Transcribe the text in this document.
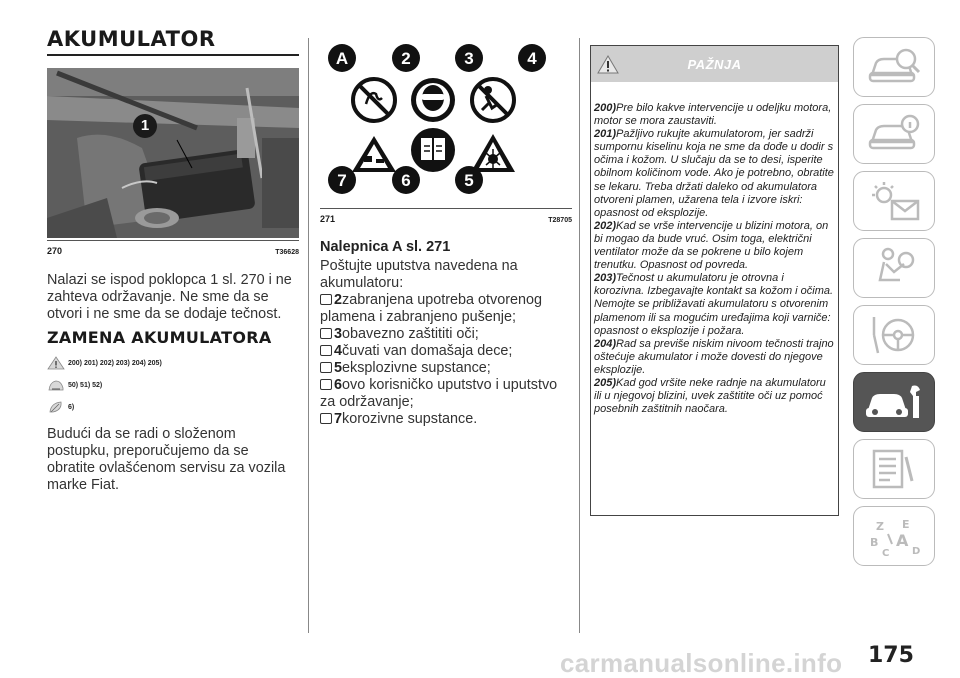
AKUMULATOR
1
270	T36628
Nalazi se ispod poklopca 1 sl. 270 i ne zahteva održavanje. Ne sme da se otvori i ne sme da se dodaje tečnost.
ZAMENA AKUMULATORA
200) 201) 202) 203) 204) 205)
50) 51) 52)
6)
Budući da se radi o složenom postupku, preporučujemo da se obratite ovlašćenom servisu za vozila marke Fiat.
A	2	3	4
7	6	5
271	T28705
Nalepnica A sl. 271
Poštujte uputstva navedena na akumulatoru:
2zabranjena upotreba otvorenog plamena i zabranjeno pušenje;
3obavezno zaštititi oči;
4čuvati van domašaja dece;
5eksplozivne supstance;
6ovo korisničko uputstvo i uputstvo za održavanje;
7korozivne supstance.
PAŽNJA

200)Pre bilo kakve intervencije u odeljku motora, motor se mora zaustaviti.

201)Pažljivo rukujte akumulatorom, jer sadrži sumpornu kiselinu koja ne sme da dođe u dodir s očima i kožom. U slučaju da se to desi, isperite obilnom količinom vode. Ako je potrebno, obratite se lekaru. Treba držati daleko od akumulatora otvoreni plamen, užarena tela i izvore iskri: opasnost od eksplozije.

202)Kad se vrše intervencije u blizini motora, on bi mogao da bude vruć. Osim toga, električni ventilator može da se pokrene u bilo kojem trenutku. Opasnost od povreda.

203)Tečnost u akumulatoru je otrovna i korozivna. Izbegavajte kontakt sa kožom i očima. Nemojte se približavati akumulatoru s otvorenim plamenom ili sa mogućim uređajima koji varniče: opasnost o eksplozije i požara.

204)Rad sa previše niskim nivoom tečnosti trajno oštećuje akumulator i može dovesti do njegove eksplozije.

205)Kad god vršite neke radnje na akumulatoru ili u njegovoj blizini, uvek zaštitite oči uz pomoć posebnih zaštitnih naočara.

Z E
B A
C D
carmanualsonline.info 175
